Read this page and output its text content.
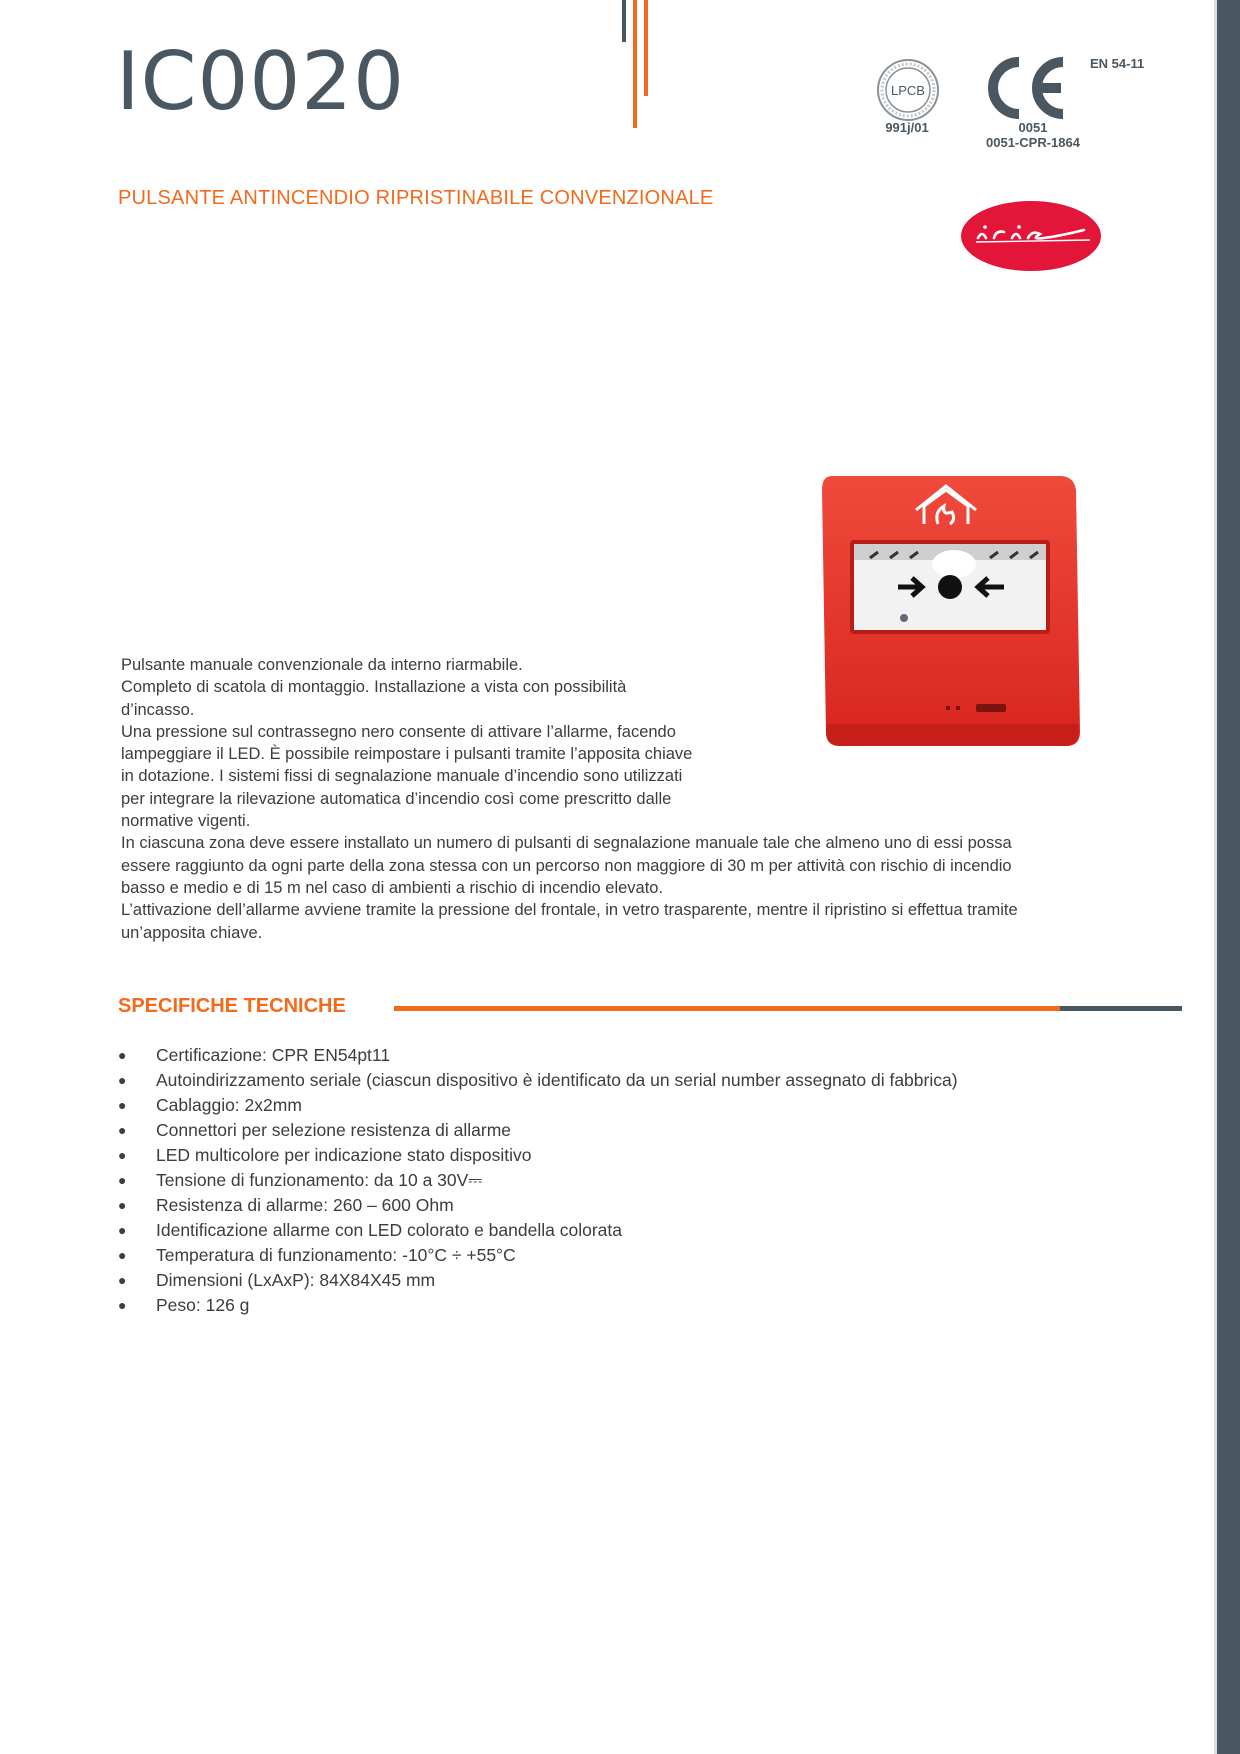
IC0020
PULSANTE ANTINCENDIO RIPRISTINABILE CONVENZIONALE
LPCB
991j/01
EN 54-11
0051
0051-CPR-1864

Pulsante manuale convenzionale da interno riarmabile.

Completo di scatola di montaggio. Installazione a vista con possibilità

d’incasso.

Una pressione sul contrassegno nero consente di attivare l’allarme, facendo

lampeggiare il LED. È possibile reimpostare i pulsanti tramite l’apposita chiave

in dotazione. I sistemi fissi di segnalazione manuale d’incendio sono utilizzati

per integrare la rilevazione automatica d’incendio così come prescritto dalle

normative vigenti.

In ciascuna zona deve essere installato un numero di pulsanti di segnalazione manuale tale che almeno uno di essi possa

essere raggiunto da ogni parte della zona stessa con un percorso non maggiore di 30 m per attività con rischio di incendio

basso e medio e di 15 m nel caso di ambienti a rischio di incendio elevato.

L’attivazione dell’allarme avviene tramite la pressione del frontale, in vetro trasparente, mentre il ripristino si effettua tramite

un’apposita chiave.

SPECIFICHE TECNICHE
● Certificazione: CPR EN54pt11
● Autoindirizzamento seriale (ciascun dispositivo è identificato da un serial number assegnato di fabbrica)
● Cablaggio: 2x2mm
● Connettori per selezione resistenza di allarme
● LED multicolore per indicazione stato dispositivo
● Tensione di funzionamento: da 10 a 30V⎓
● Resistenza di allarme: 260 – 600 Ohm
● Identificazione allarme con LED colorato e bandella colorata
● Temperatura di funzionamento: -10°C ÷ +55°C
● Dimensioni (LxAxP): 84X84X45 mm
● Peso: 126 g
